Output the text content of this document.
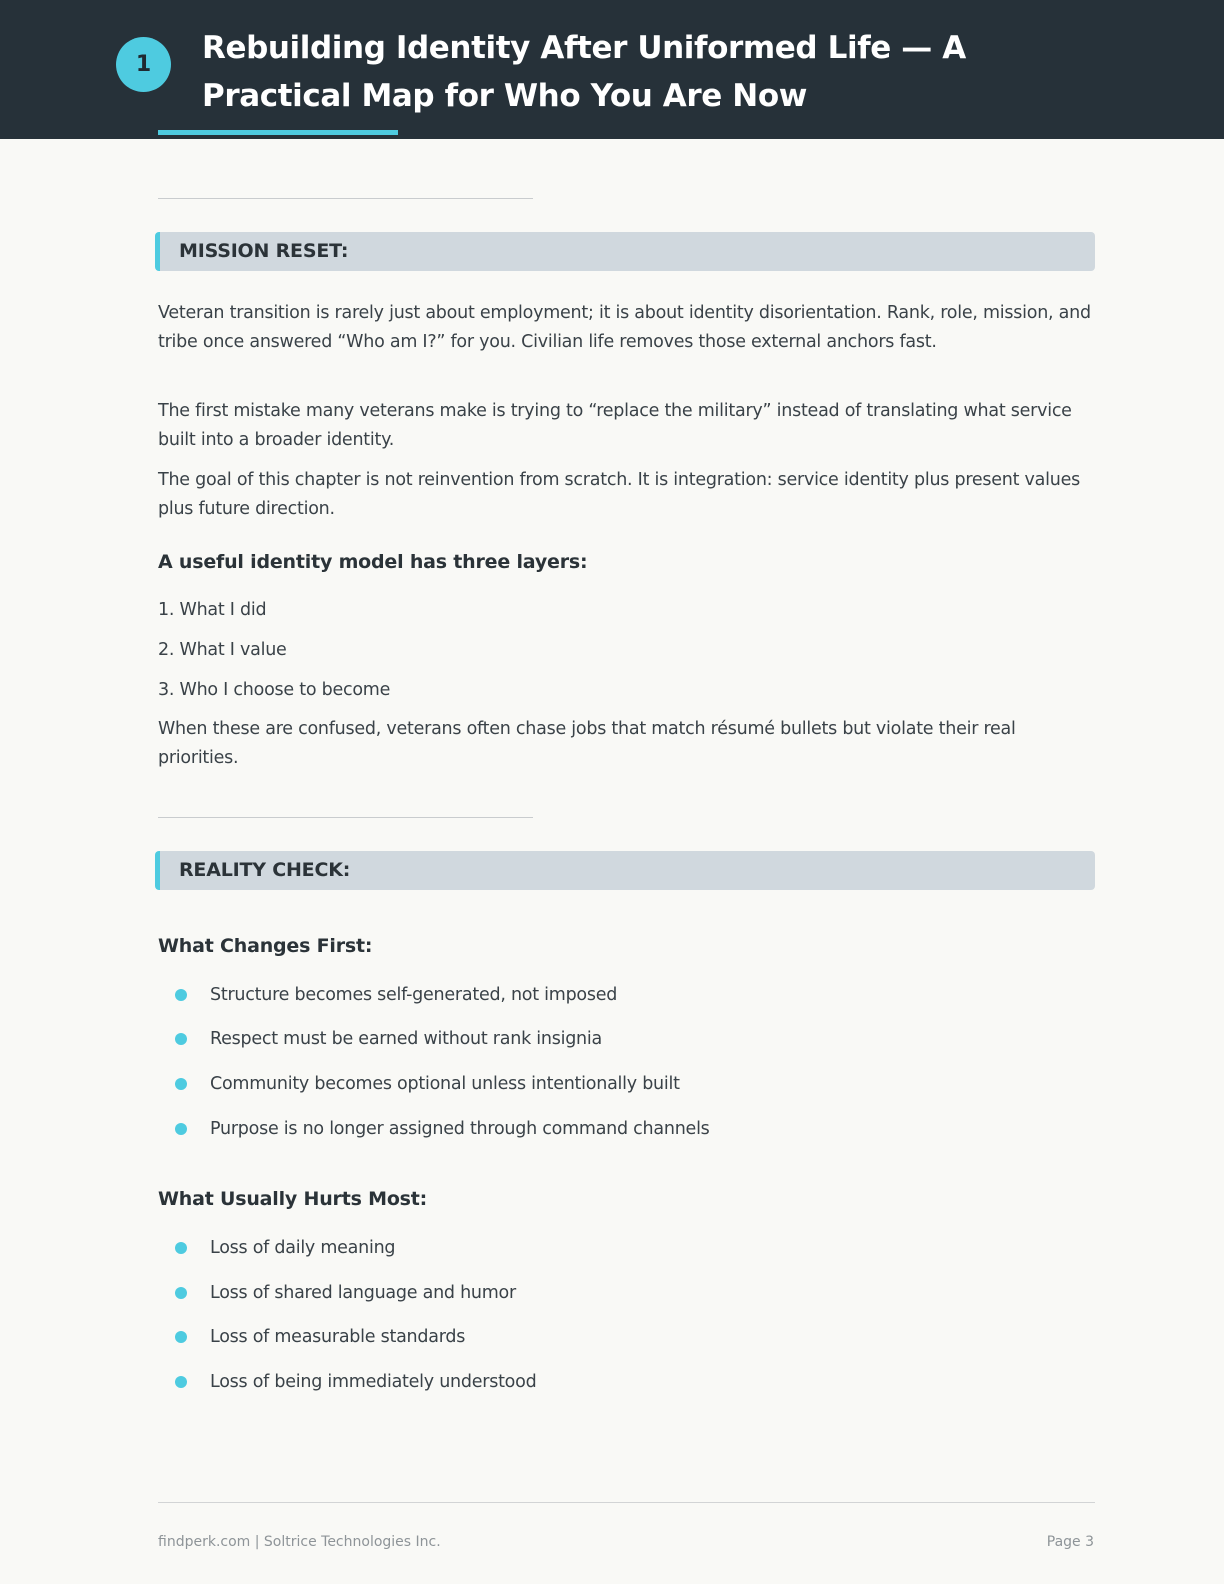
1	Rebuilding Identity After Uniformed Life — A Practical Map for Who You Are Now
MISSION RESET:

Veteran transition is rarely just about employment; it is about identity disorientation. Rank, role, mission, and tribe once answered “Who am I?” for you. Civilian life removes those external anchors fast.

The first mistake many veterans make is trying to “replace the military” instead of translating what service built into a broader identity.

The goal of this chapter is not reinvention from scratch. It is integration: service identity plus present values plus future direction.

A useful identity model has three layers:

1. What I did

2. What I value

3. Who I choose to become

When these are confused, veterans often chase jobs that match résumé bullets but violate their real priorities.

REALITY CHECK:
What Changes First:
Structure becomes self-generated, not imposed
Respect must be earned without rank insignia
Community becomes optional unless intentionally built
Purpose is no longer assigned through command channels
What Usually Hurts Most:
Loss of daily meaning
Loss of shared language and humor
Loss of measurable standards
Loss of being immediately understood
findperk.com | Soltrice Technologies Inc.	Page 3
